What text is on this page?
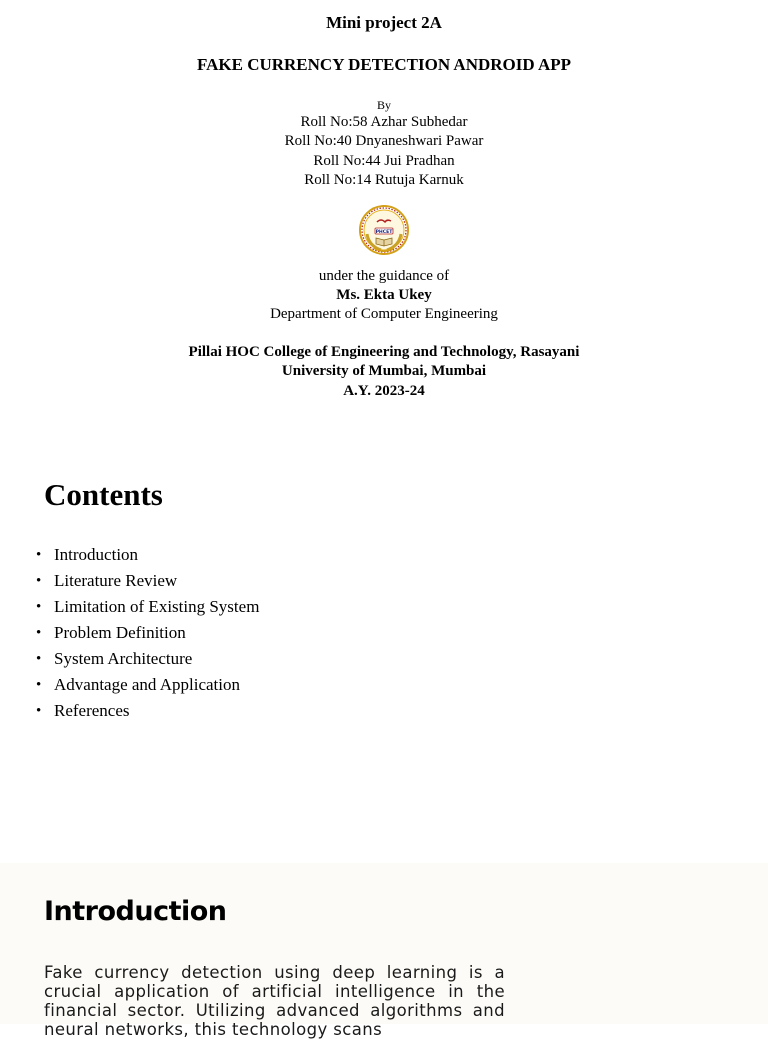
Mini project 2A
FAKE CURRENCY DETECTION ANDROID APP
By
Roll No:58 Azhar Subhedar
Roll No:40 Dnyaneshwari Pawar
Roll No:44 Jui Pradhan
Roll No:14 Rutuja Karnuk
PHCET
under the guidance of
Ms. Ekta Ukey
Department of Computer Engineering
Pillai HOC College of Engineering and Technology, Rasayani
University of Mumbai, Mumbai
A.Y. 2023-24
Contents
• Introduction
• Literature Review
• Limitation of Existing System
• Problem Definition
• System Architecture
• Advantage and Application
• References
Introduction
Fake currency detection using deep learning is a crucial application of artificial intelligence in the financial sector. Utilizing advanced algorithms and neural networks, this technology scans
